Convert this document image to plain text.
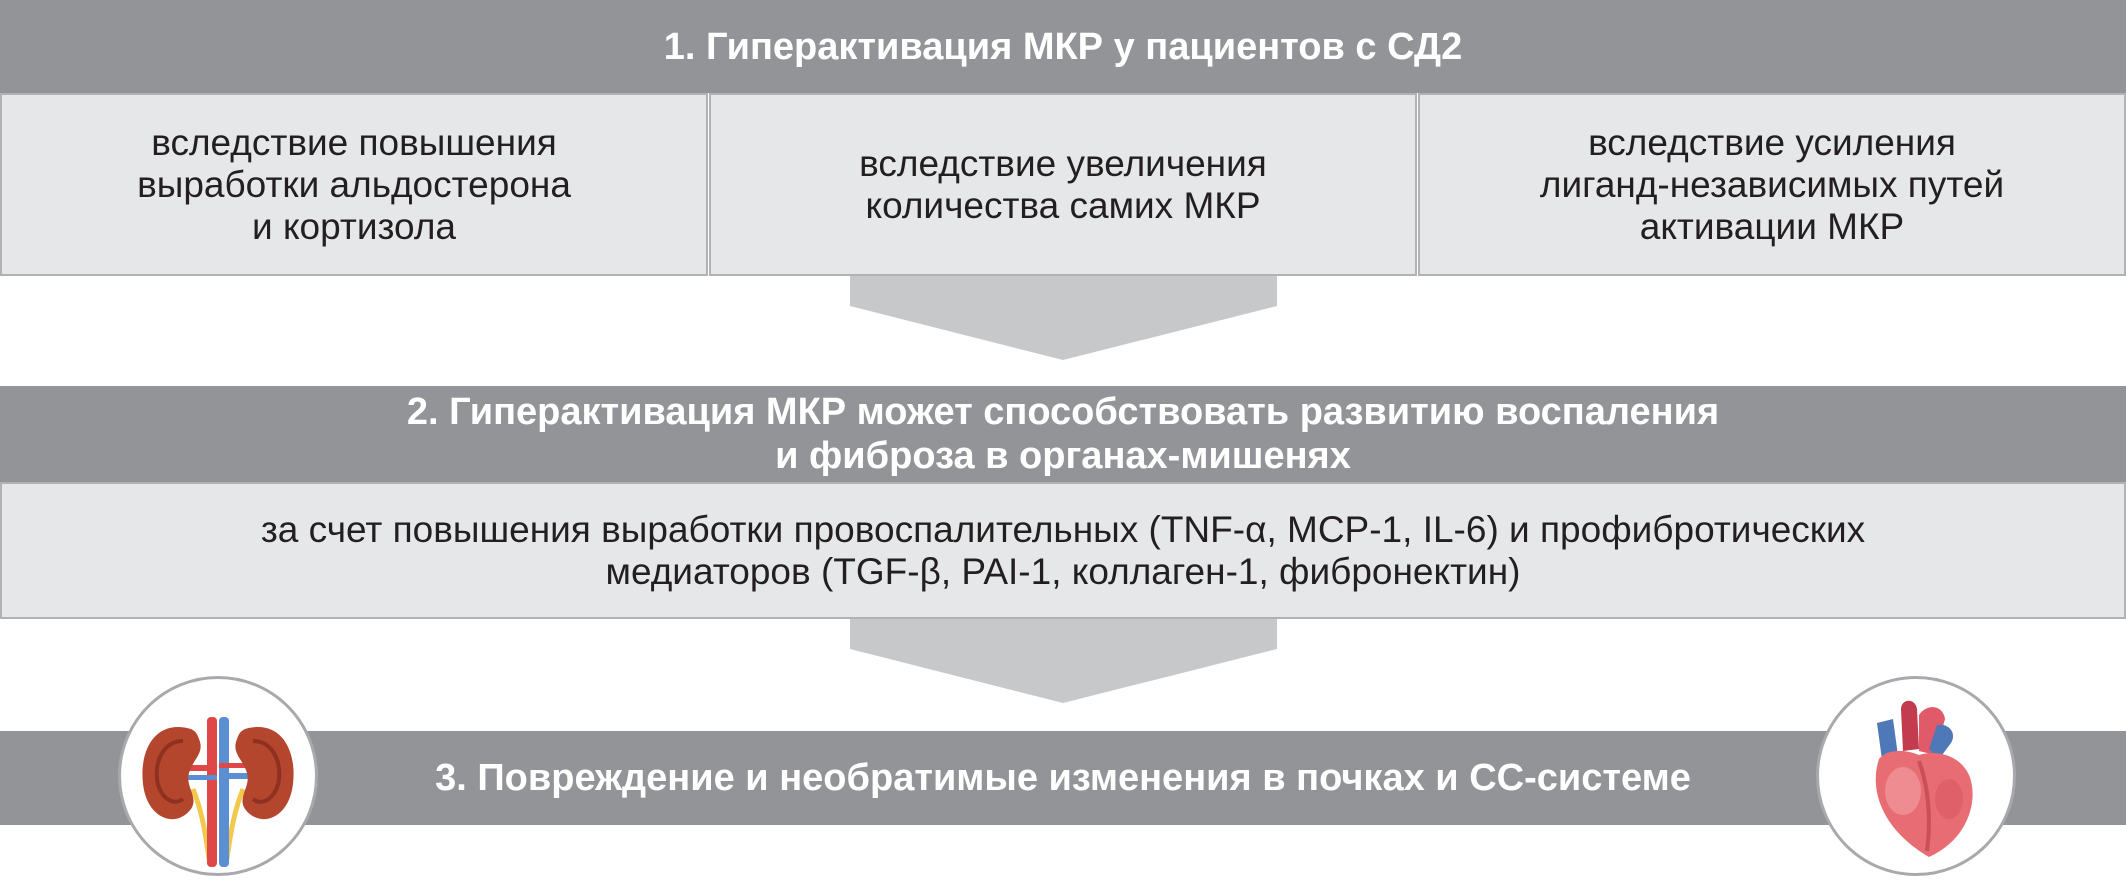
1. Гиперактивация МКР у пациентов с СД2
вследствие повышения
выработки альдостерона
и кортизола
вследствие увеличения
количества самих МКР
вследствие усиления
лиганд-независимых путей
активации МКР
2. Гиперактивация МКР может способствовать развитию воспаления
и фиброза в органах-мишенях
за счет повышения выработки провоспалительных (TNF-α, MCP-1, IL-6) и профибротических
медиаторов (TGF-β, PAI-1, коллаген-1, фибронектин)
3. Повреждение и необратимые изменения в почках и СС-системе
